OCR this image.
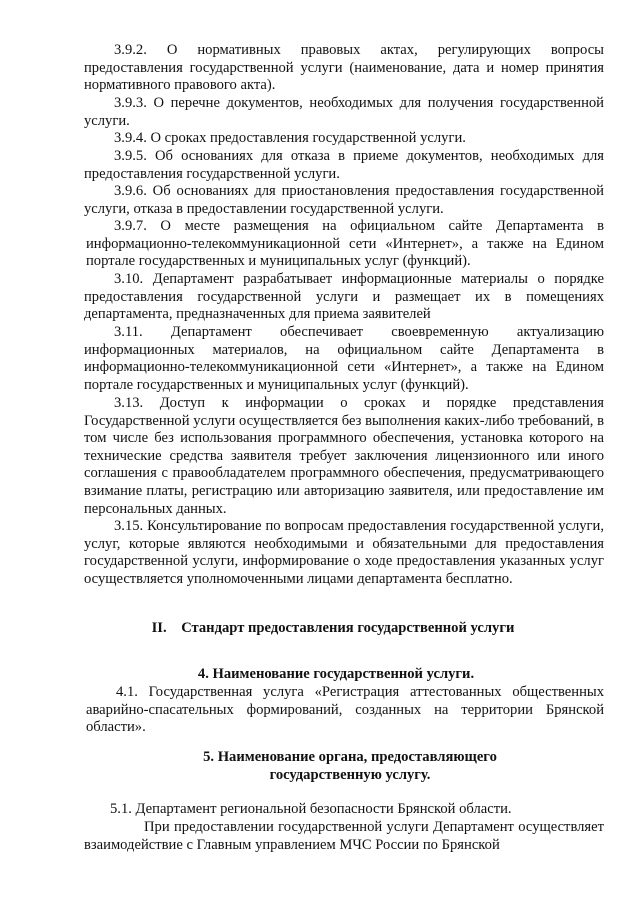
3.9.2. О нормативных правовых актах, регулирующих вопросы предоставления государственной услуги (наименование, дата и номер принятия нормативного правового акта).

3.9.3. О перечне документов, необходимых для получения государственной услуги.

3.9.4. О сроках предоставления государственной услуги.

3.9.5. Об основаниях для отказа в приеме документов, необходимых для предоставления государственной услуги.

3.9.6. Об основаниях для приостановления предоставления государственной услуги, отказа в предоставлении государственной услуги.

3.9.7. О месте размещения на официальном сайте Департамента в информационно-телекоммуникационной сети «Интернет», а также на Едином портале государственных и муниципальных услуг (функций).

3.10. Департамент разрабатывает информационные материалы о порядке предоставления государственной услуги и размещает их в помещениях департамента, предназначенных для приема заявителей

3.11. Департамент обеспечивает своевременную актуализацию информационных материалов, на официальном сайте Департамента в информационно-телекоммуникационной сети «Интернет», а также на Едином портале государственных и муниципальных услуг (функций).

3.13. Доступ к информации о сроках и порядке представления Государственной услуги осуществляется без выполнения каких-либо требований, в том числе без использования программного обеспечения, установка которого на технические средства заявителя требует заключения лицензионного или иного соглашения с правообладателем программного обеспечения, предусматривающего взимание платы, регистрацию или авторизацию заявителя, или предоставление им персональных данных.

3.15. Консультирование по вопросам предоставления государственной услуги, услуг, которые являются необходимыми и обязательными для предоставления государственной услуги, информирование о ходе предоставления указанных услуг осуществляется уполномоченными лицами департамента бесплатно.

II.    Стандарт предоставления государственной услуги
4. Наименование государственной услуги.

4.1. Государственная услуга «Регистрация аттестованных общественных аварийно-спасательных формирований, созданных на территории Брянской области».

5. Наименование органа, предоставляющего
государственную услугу.

5.1. Департамент региональной безопасности Брянской области.

При предоставлении государственной услуги Департамент осуществляет взаимодействие с Главным управлением МЧС России по Брянской
